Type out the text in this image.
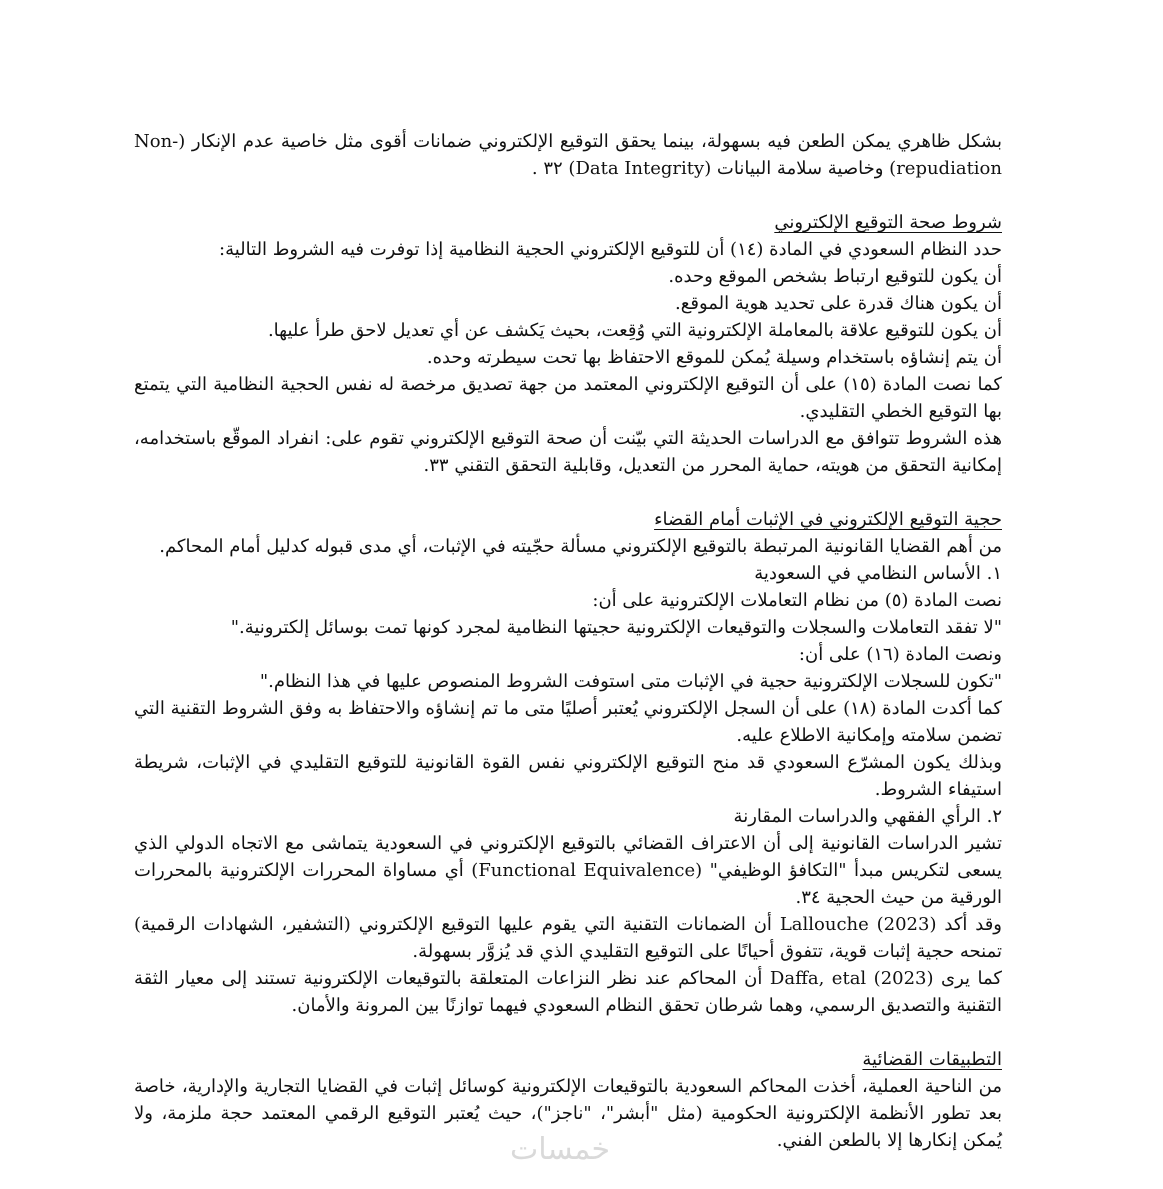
بشكل ظاهري يمكن الطعن فيه بسهولة، بينما يحقق التوقيع الإلكتروني ضمانات أقوى مثل خاصية عدم الإنكار (Non-repudiation) وخاصية سلامة البيانات (Data Integrity) ٣٢ .

شروط صحة التوقيع الإلكتروني

حدد النظام السعودي في المادة (١٤) أن للتوقيع الإلكتروني الحجية النظامية إذا توفرت فيه الشروط التالية:

أن يكون للتوقيع ارتباط بشخص الموقع وحده.

أن يكون هناك قدرة على تحديد هوية الموقع.

أن يكون للتوقيع علاقة بالمعاملة الإلكترونية التي وُقِعت، بحيث يَكشف عن أي تعديل لاحق طرأ عليها.

أن يتم إنشاؤه باستخدام وسيلة يُمكن للموقع الاحتفاظ بها تحت سيطرته وحده.

كما نصت المادة (١٥) على أن التوقيع الإلكتروني المعتمد من جهة تصديق مرخصة له نفس الحجية النظامية التي يتمتع بها التوقيع الخطي التقليدي.

هذه الشروط تتوافق مع الدراسات الحديثة التي بيّنت أن صحة التوقيع الإلكتروني تقوم على: انفراد الموقّع باستخدامه، إمكانية التحقق من هويته، حماية المحرر من التعديل، وقابلية التحقق التقني ٣٣.

حجية التوقيع الإلكتروني في الإثبات أمام القضاء

من أهم القضايا القانونية المرتبطة بالتوقيع الإلكتروني مسألة حجّيته في الإثبات، أي مدى قبوله كدليل أمام المحاكم.

١. الأساس النظامي في السعودية

نصت المادة (٥) من نظام التعاملات الإلكترونية على أن:

"لا تفقد التعاملات والسجلات والتوقيعات الإلكترونية حجيتها النظامية لمجرد كونها تمت بوسائل إلكترونية."

ونصت المادة (١٦) على أن:

"تكون للسجلات الإلكترونية حجية في الإثبات متى استوفت الشروط المنصوص عليها في هذا النظام."

كما أكدت المادة (١٨) على أن السجل الإلكتروني يُعتبر أصليًا متى ما تم إنشاؤه والاحتفاظ به وفق الشروط التقنية التي تضمن سلامته وإمكانية الاطلاع عليه.

وبذلك يكون المشرّع السعودي قد منح التوقيع الإلكتروني نفس القوة القانونية للتوقيع التقليدي في الإثبات، شريطة استيفاء الشروط.

٢. الرأي الفقهي والدراسات المقارنة

تشير الدراسات القانونية إلى أن الاعتراف القضائي بالتوقيع الإلكتروني في السعودية يتماشى مع الاتجاه الدولي الذي يسعى لتكريس مبدأ "التكافؤ الوظيفي" (Functional Equivalence) أي مساواة المحررات الإلكترونية بالمحررات الورقية من حيث الحجية ٣٤.

وقد أكد Lallouche (2023) أن الضمانات التقنية التي يقوم عليها التوقيع الإلكتروني (التشفير، الشهادات الرقمية) تمنحه حجية إثبات قوية، تتفوق أحيانًا على التوقيع التقليدي الذي قد يُزوَّر بسهولة.

كما يرى Daffa, etal (2023) أن المحاكم عند نظر النزاعات المتعلقة بالتوقيعات الإلكترونية تستند إلى معيار الثقة التقنية والتصديق الرسمي، وهما شرطان تحقق النظام السعودي فيهما توازنًا بين المرونة والأمان.

التطبيقات القضائية

من الناحية العملية، أخذت المحاكم السعودية بالتوقيعات الإلكترونية كوسائل إثبات في القضايا التجارية والإدارية، خاصة بعد تطور الأنظمة الإلكترونية الحكومية (مثل "أبشر"، "ناجز")، حيث يُعتبر التوقيع الرقمي المعتمد حجة ملزمة، ولا يُمكن إنكارها إلا بالطعن الفني.

خمسات
